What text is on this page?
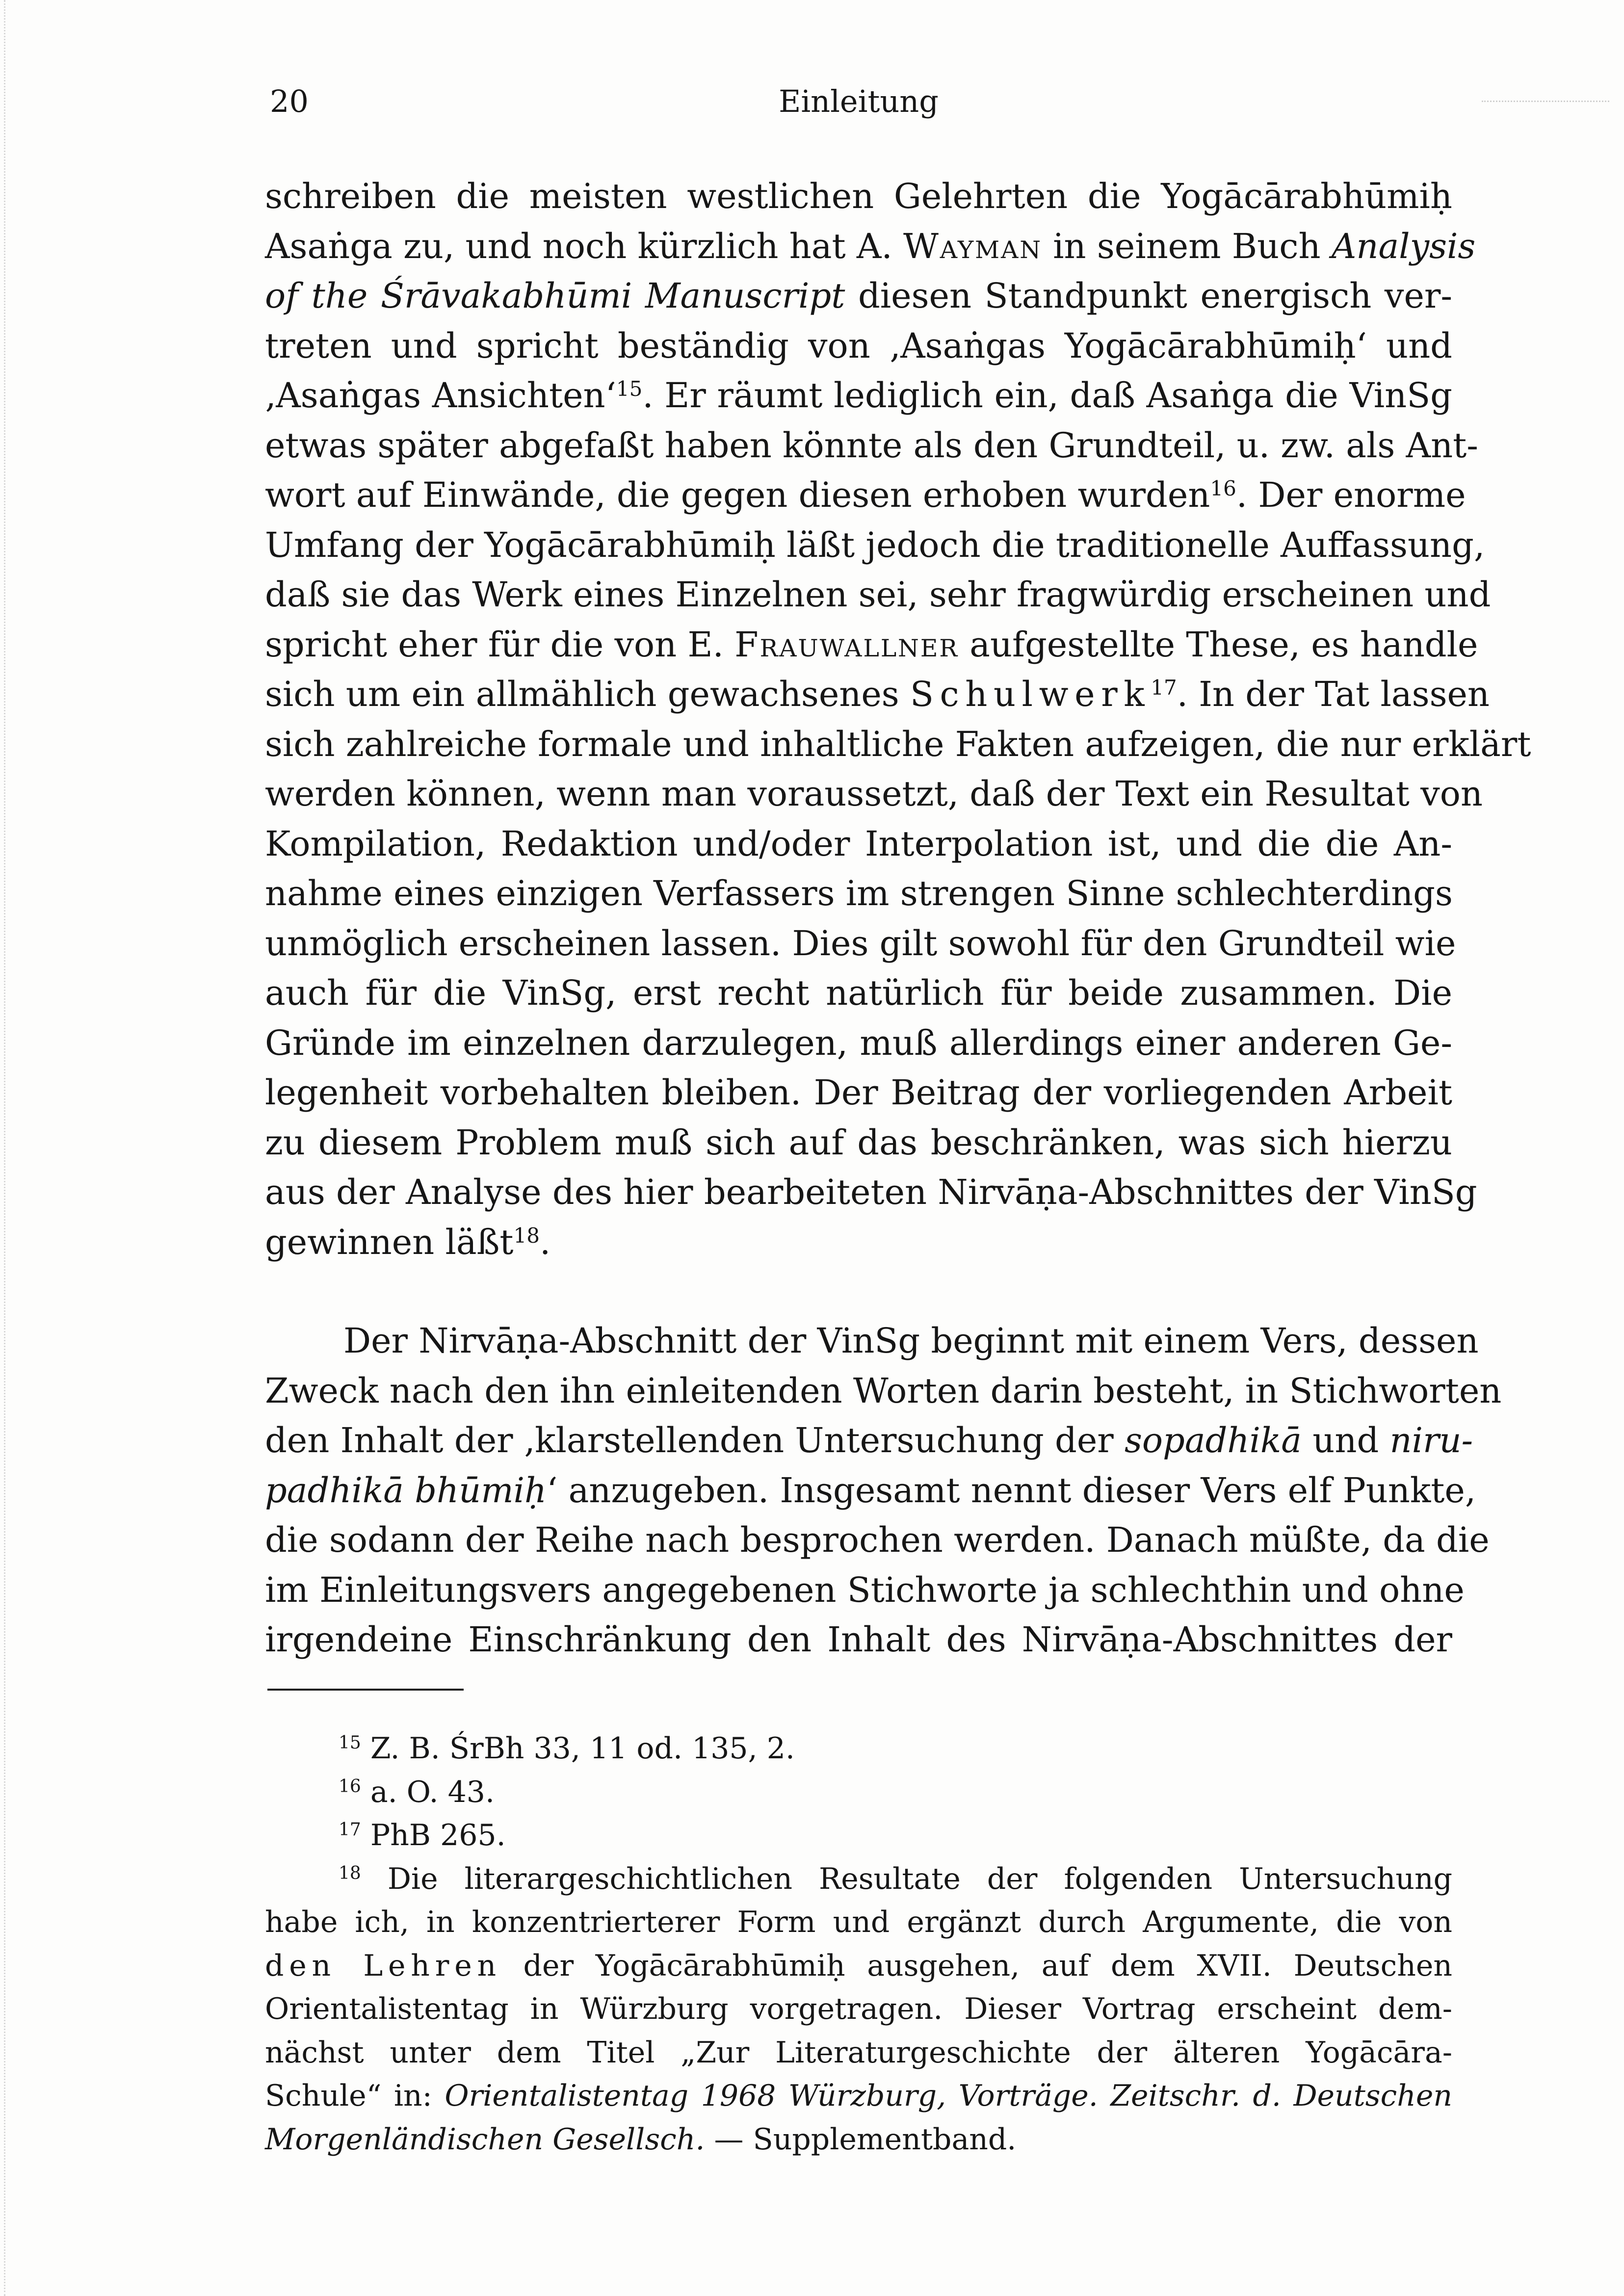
20	Einleitung
schreiben die meisten westlichen Gelehrten die Yogācārabhūmiḥ
Asaṅga zu, und noch kürzlich hat A. Wayman in seinem Buch Analysis
of the Śrāvakabhūmi Manuscript diesen Standpunkt energisch ver-
treten und spricht beständig von ‚Asaṅgas Yogācārabhūmiḥ‘ und
‚Asaṅgas Ansichten‘$^{15}$. Er räumt lediglich ein, daß Asaṅga die VinSg
etwas später abgefaßt haben könnte als den Grundteil, u. zw. als Ant-
wort auf Einwände, die gegen diesen erhoben wurden$^{16}$. Der enorme
Umfang der Yogācārabhūmiḥ läßt jedoch die traditionelle Auffassung,
daß sie das Werk eines Einzelnen sei, sehr fragwürdig erscheinen und
spricht eher für die von E. Frauwallner aufgestellte These, es handle
sich um ein allmählich gewachsenes Schulwerk$^{17}$. In der Tat lassen
sich zahlreiche formale und inhaltliche Fakten aufzeigen, die nur erklärt
werden können, wenn man voraussetzt, daß der Text ein Resultat von
Kompilation, Redaktion und/oder Interpolation ist, und die die An-
nahme eines einzigen Verfassers im strengen Sinne schlechterdings
unmöglich erscheinen lassen. Dies gilt sowohl für den Grundteil wie
auch für die VinSg, erst recht natürlich für beide zusammen. Die
Gründe im einzelnen darzulegen, muß allerdings einer anderen Ge-
legenheit vorbehalten bleiben. Der Beitrag der vorliegenden Arbeit
zu diesem Problem muß sich auf das beschränken, was sich hierzu
aus der Analyse des hier bearbeiteten Nirvāṇa-Abschnittes der VinSg
gewinnen läßt$^{18}$.
Der Nirvāṇa-Abschnitt der VinSg beginnt mit einem Vers, dessen
Zweck nach den ihn einleitenden Worten darin besteht, in Stichworten
den Inhalt der ‚klarstellenden Untersuchung der sopadhikā und niru-
padhikā bhūmiḥ‘ anzugeben. Insgesamt nennt dieser Vers elf Punkte,
die sodann der Reihe nach besprochen werden. Danach müßte, da die
im Einleitungsvers angegebenen Stichworte ja schlechthin und ohne
irgendeine Einschränkung den Inhalt des Nirvāṇa-Abschnittes der
$^{15}$ Z. B. ŚrBh 33, 11 od. 135, 2.
$^{16}$ a. O. 43.
$^{17}$ PhB 265.
$^{18}$ Die literargeschichtlichen Resultate der folgenden Untersuchung
habe ich, in konzentrierterer Form und ergänzt durch Argumente, die von
den Lehren der Yogācārabhūmiḥ ausgehen, auf dem XVII. Deutschen
Orientalistentag in Würzburg vorgetragen. Dieser Vortrag erscheint dem-
nächst unter dem Titel „Zur Literaturgeschichte der älteren Yogācāra-
Schule“ in: Orientalistentag 1968 Würzburg, Vorträge. Zeitschr. d. Deutschen
Morgenländischen Gesellsch. — Supplementband.
